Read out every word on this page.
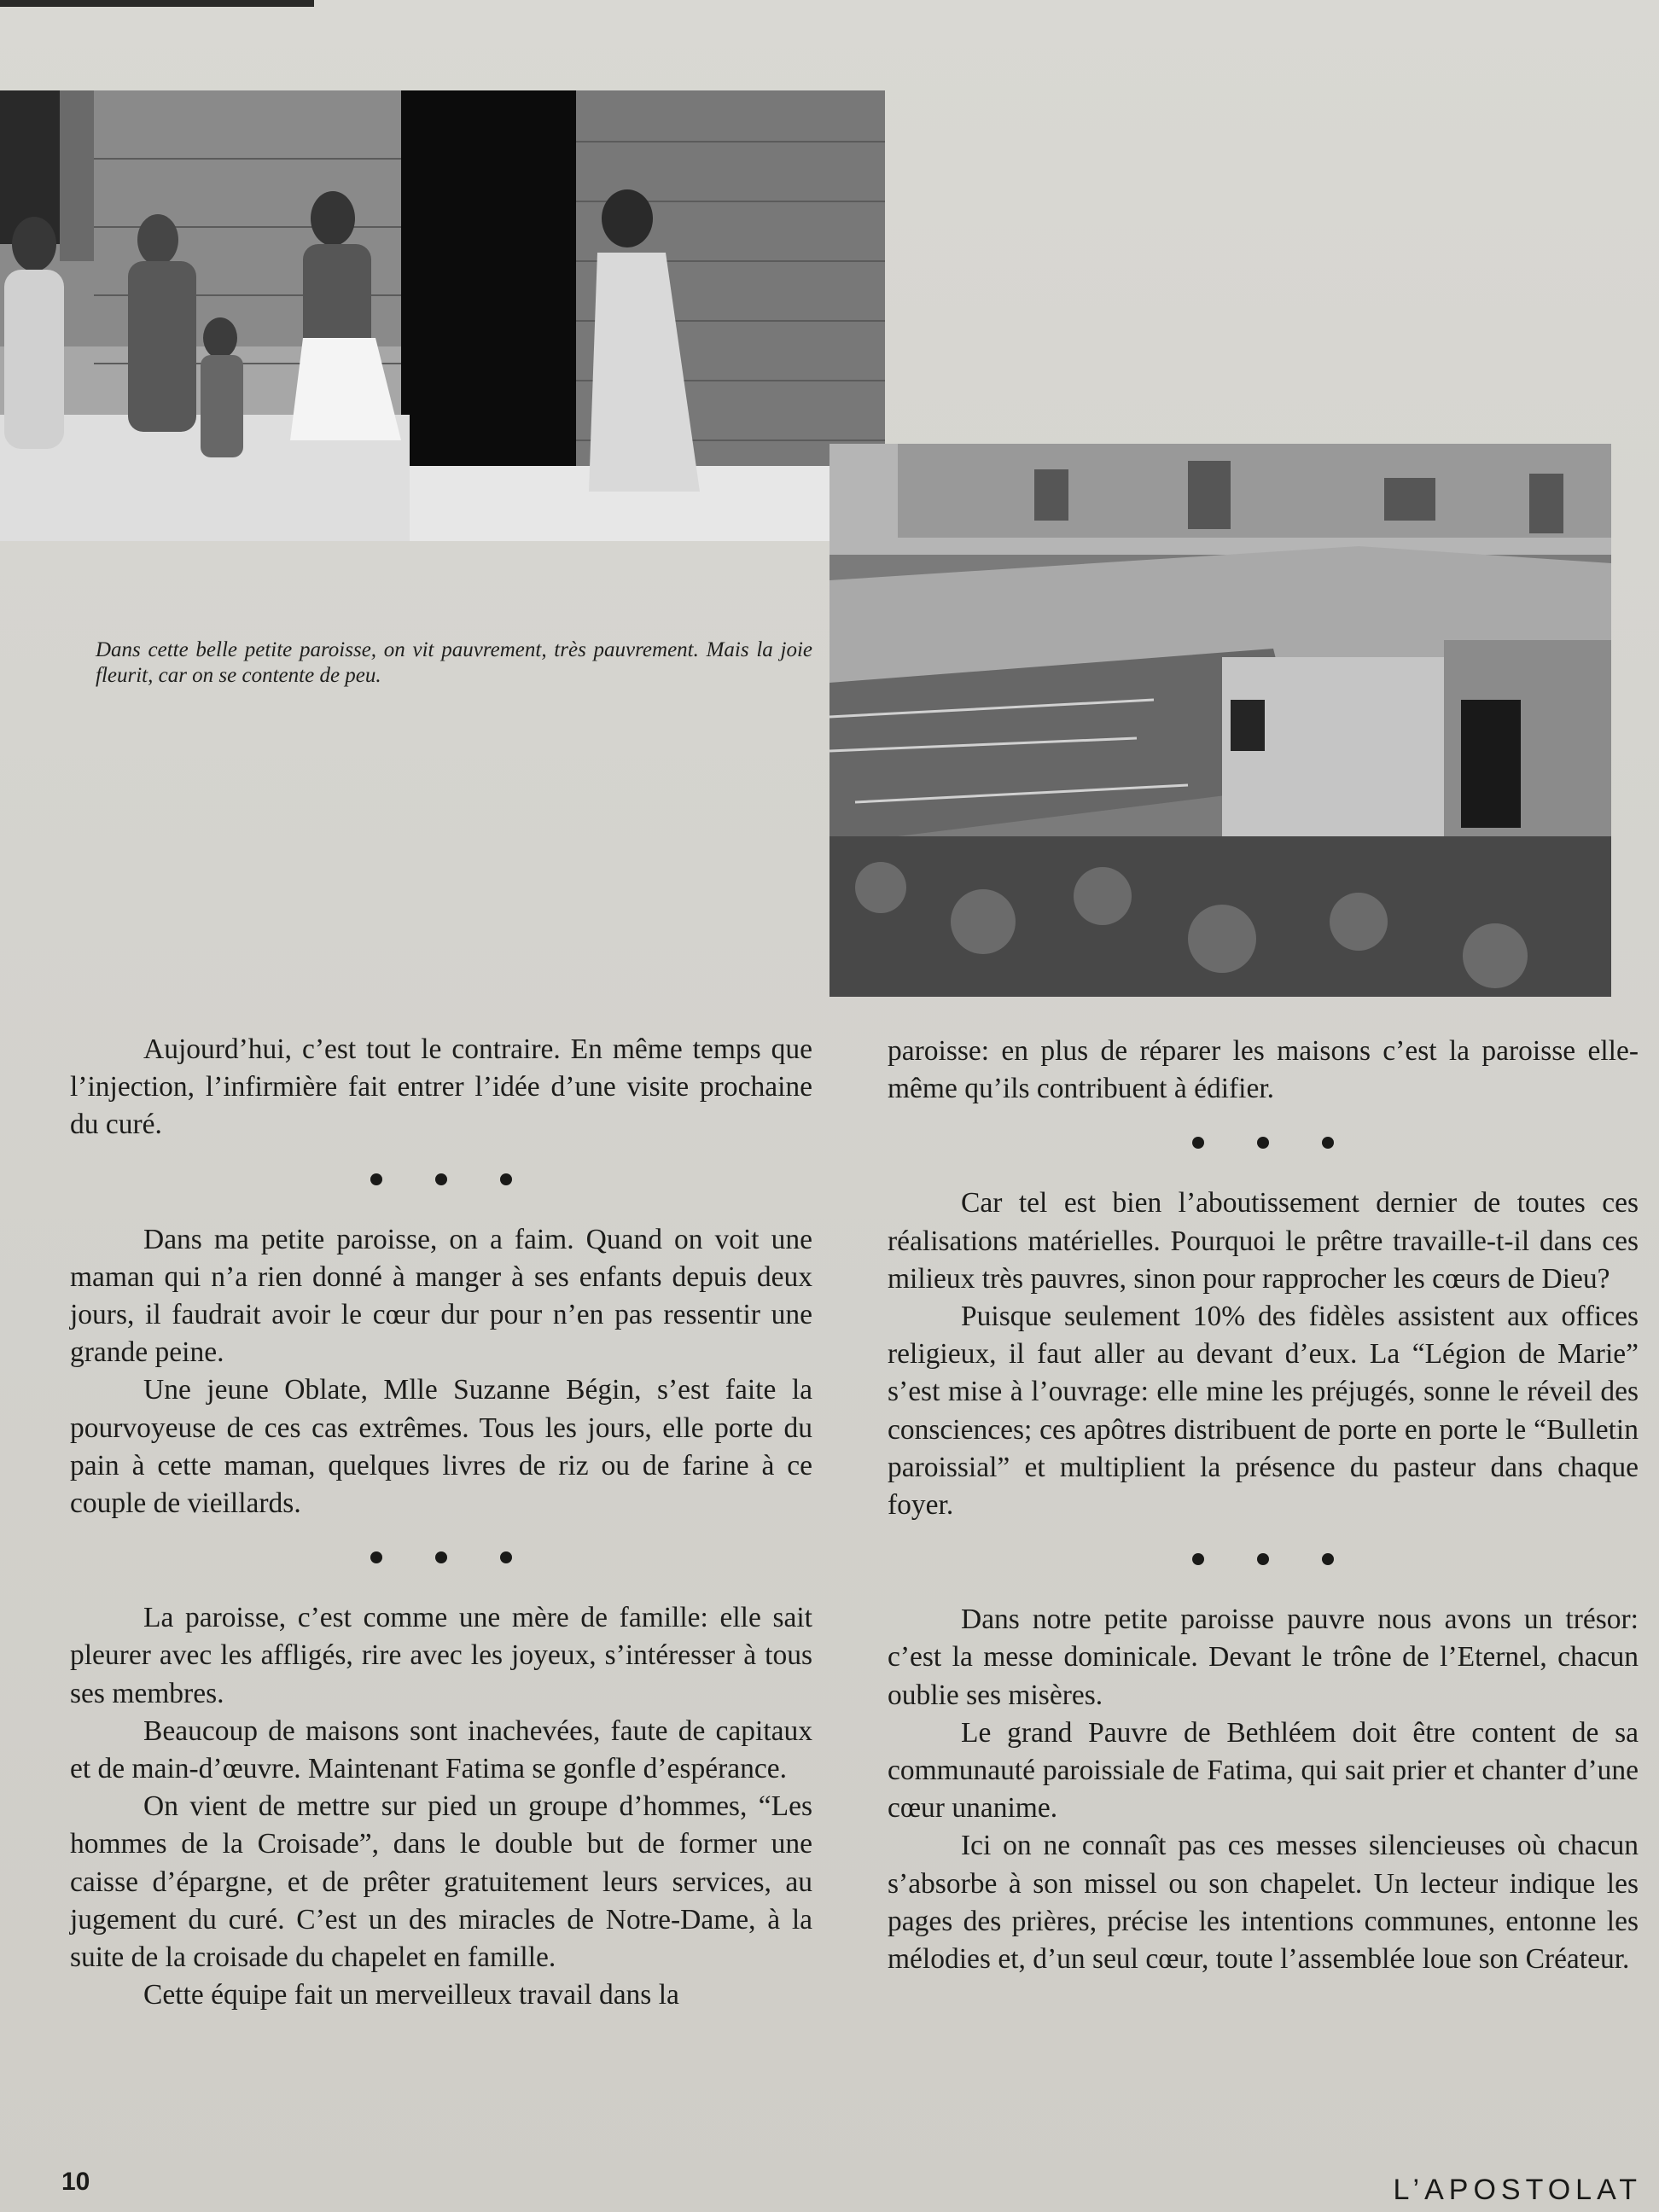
Dans cette belle petite paroisse, on vit pauvrement, très pauvrement. Mais la joie fleurit, car on se contente de peu.

Aujourd’hui, c’est tout le contraire. En même temps que l’injection, l’infirmière fait entrer l’idée d’une visite prochaine du curé.

Dans ma petite paroisse, on a faim. Quand on voit une maman qui n’a rien donné à manger à ses enfants depuis deux jours, il faudrait avoir le cœur dur pour n’en pas ressentir une grande peine.

Une jeune Oblate, Mlle Suzanne Bégin, s’est faite la pourvoyeuse de ces cas extrêmes. Tous les jours, elle porte du pain à cette maman, quelques livres de riz ou de farine à ce couple de vieillards.

La paroisse, c’est comme une mère de famille: elle sait pleurer avec les affligés, rire avec les joyeux, s’intéresser à tous ses membres.

Beaucoup de maisons sont inachevées, faute de capitaux et de main-d’œuvre. Maintenant Fatima se gonfle d’espérance.

On vient de mettre sur pied un groupe d’hommes, “Les hommes de la Croisade”, dans le double but de former une caisse d’épargne, et de prêter gratuitement leurs services, au jugement du curé. C’est un des miracles de Notre-Dame, à la suite de la croisade du chapelet en famille.

Cette équipe fait un merveilleux travail dans la

paroisse: en plus de réparer les maisons c’est la paroisse elle-même qu’ils contribuent à édifier.

Car tel est bien l’aboutissement dernier de toutes ces réalisations matérielles. Pourquoi le prêtre travaille-t-il dans ces milieux très pauvres, sinon pour rapprocher les cœurs de Dieu?

Puisque seulement 10% des fidèles assistent aux offices religieux, il faut aller au devant d’eux. La “Légion de Marie” s’est mise à l’ouvrage: elle mine les préjugés, sonne le réveil des consciences; ces apôtres distribuent de porte en porte le “Bulletin paroissial” et multiplient la présence du pasteur dans chaque foyer.

Dans notre petite paroisse pauvre nous avons un trésor: c’est la messe dominicale. Devant le trône de l’Eternel, chacun oublie ses misères.

Le grand Pauvre de Bethléem doit être content de sa communauté paroissiale de Fatima, qui sait prier et chanter d’une cœur unanime.

Ici on ne connaît pas ces messes silencieuses où chacun s’absorbe à son missel ou son chapelet. Un lecteur indique les pages des prières, précise les intentions communes, entonne les mélodies et, d’un seul cœur, toute l’assemblée loue son Créateur.

10	L’APOSTOLAT
